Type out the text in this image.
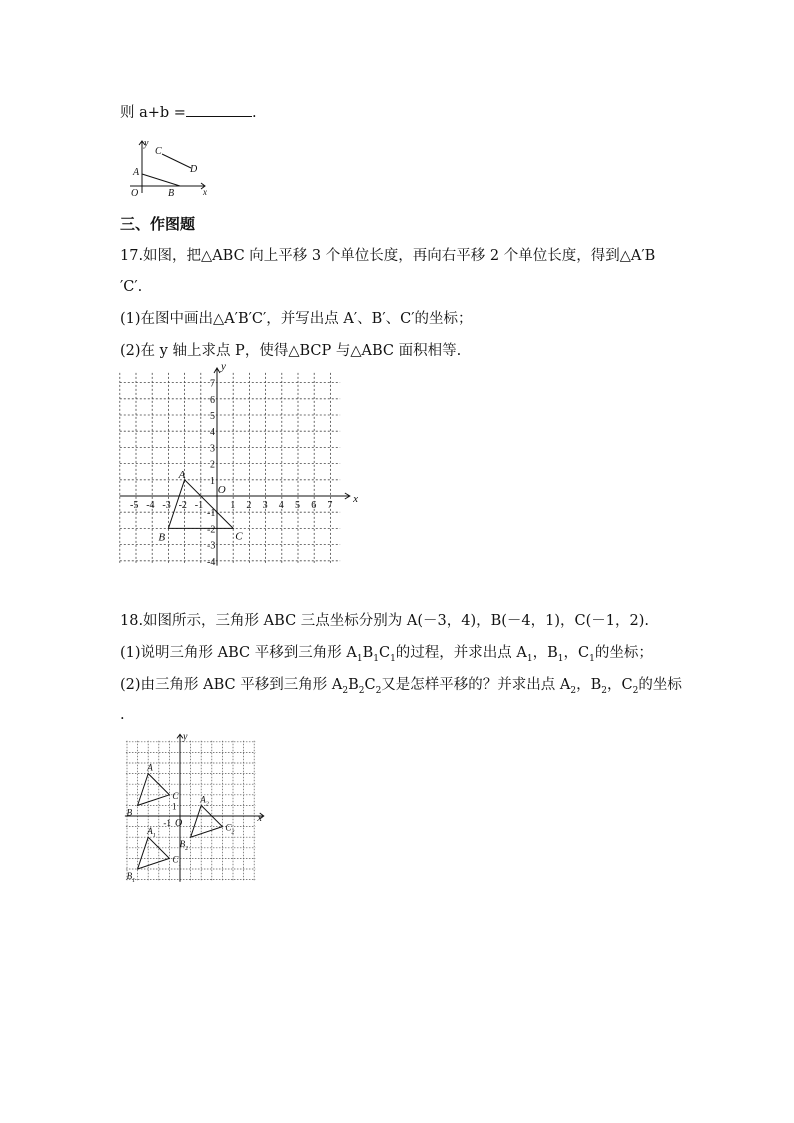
则 a+b =	.
y
x
O
A
B
C
D
三、作图题
17.如图，把△ABC 向上平移 3 个单位长度，再向右平移 2 个单位长度，得到△A′B
′C′.
(1)在图中画出△A′B′C′，并写出点 A′、B′、C′的坐标；
(2)在 y 轴上求点 P，使得△BCP 与△ABC 面积相等.
-5 -4 -3 -2 -1	1 2 3 4 5 6 7
7
6
5
4
3
2
1
-1
-2
-3
-4
x
y
O
A
B	C
18.如图所示，三角形 ABC 三点坐标分别为 A(－3，4)，B(－4，1)，C(－1，2).
(1)说明三角形 ABC 平移到三角形 $A_1B_1C_1$的过程，并求出点 $A_1$，$B_1$，$C_1$的坐标；
(2)由三角形 ABC 平移到三角形 $A_2B_2C_2$又是怎样平移的？并求出点 $A_2$，$B_2$，$C_2$的坐标
.
A
B
C
$A_1$
$B_1$
$C_1$
$A_2$
$B_2$
$C_2$
x
y
O
-1
1
